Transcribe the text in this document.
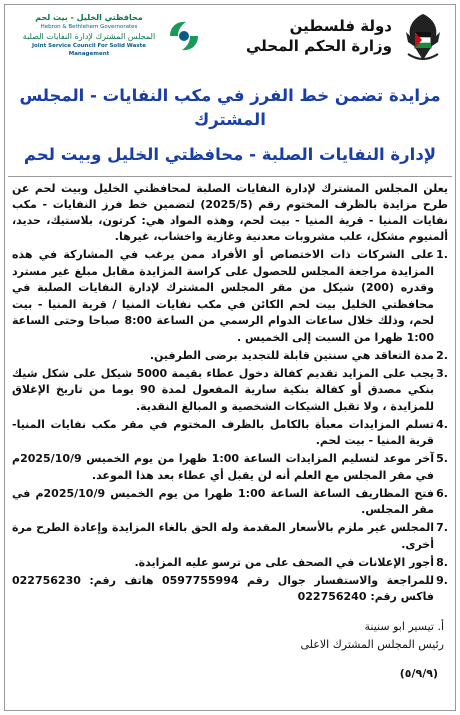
دولة فلسطين
وزارة الحكم المحلي
محافظتي الخليل - بيت لحم
Hebron & Bethlehem Governorates
المجلس المشترك لإدارة النفايات الصلبة
Joint Service Council For Solid Waste Management
مزايدة تضمن خط الفرز في مكب النفايات - المجلس المشترك
لإدارة النفايات الصلبة - محافظتي الخليل وبيت لحم
يعلن المجلس المشترك لإدارة النفايات الصلبة لمحافظتي الخليل وبيت لحم عن طرح مزايدة بالظرف المختوم رقم (2025/5) لتضمين خط فرز النفايات - مكب نفايات المنيا - قرية المنيا - بيت لحم، وهذه المواد هي: كرتون، بلاستيك، حديد، ألمنيوم مشكل، علب مشروبات معدنية وغازية واخشاب، غيرها.
1.
على الشركات ذات الاختصاص أو الأفراد ممن يرغب في المشاركة في هذه المزايدة مراجعة المجلس للحصول على كراسة المزايدة مقابل مبلغ غير مسترد وقدره (200) شيكل من مقر المجلس المشترك لإدارة النفايات الصلبة في محافظتي الخليل بيت لحم الكائن في مكب نفايات المنيا / قرية المنيا - بيت لحم، وذلك خلال ساعات الدوام الرسمي من الساعة 8:00 صباحا وحتى الساعة 1:00 ظهرا من السبت إلى الخميس .
2.
مدة التعاقد هي سنتين قابلة للتجديد برضى الطرفين.
3.
يجب على المزايد تقديم كفالة دخول عطاء بقيمة 5000 شيكل على شكل شيك بنكي مصدق أو كفالة بنكية سارية المفعول لمدة 90 يوما من تاريخ الإغلاق للمزايدة ، ولا تقبل الشيكات الشخصية و المبالغ النقدية.
4.
تسلم المزايدات معبأة بالكامل بالظرف المختوم في مقر مكب نفايات المنيا- قرية المنيا - بيت لحم.
5.
آخر موعد لتسليم المزايدات الساعة 1:00 ظهرا من يوم الخميس 2025/10/9م في مقر المجلس مع العلم أنه لن يقبل أي عطاء بعد هذا الموعد.
6.
فتح المظاريف الساعة الساعة 1:00 ظهرا من يوم الخميس 2025/10/9م في مقر المجلس.
7.
المجلس غير ملزم بالأسعار المقدمة وله الحق بالغاء المزايدة وإعادة الطرح مرة أخرى.
8.
أجور الإعلانات في الصحف على من ترسو عليه المزايدة.
9.
للمراجعة والاستفسار جوال رقم 0597755994 هاتف رقم: 022756230 فاكس رقم: 022756240
أ. تيسير ابو سنينة
رئيس المجلس المشترك الاعلى
(٥/٩/٩)
